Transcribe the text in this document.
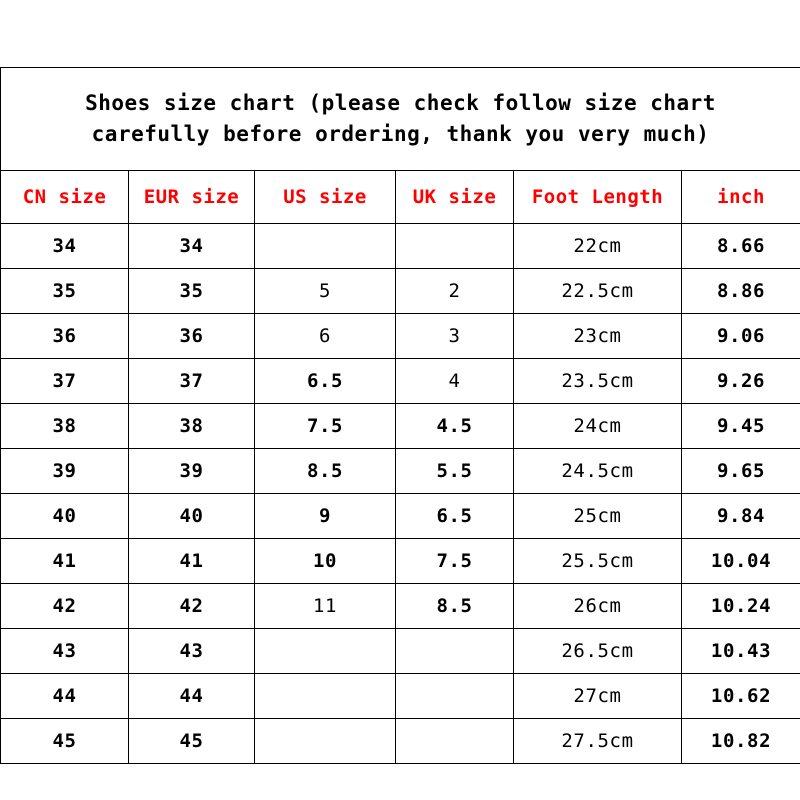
Shoes size chart (please check follow size chart carefully before ordering, thank you very much)					
CN size	EUR size	US size	UK size	Foot Length	inch
34	34			22cm	8.66
35	35	5	2	22.5cm	8.86
36	36	6	3	23cm	9.06
37	37	6.5	4	23.5cm	9.26
38	38	7.5	4.5	24cm	9.45
39	39	8.5	5.5	24.5cm	9.65
40	40	9	6.5	25cm	9.84
41	41	10	7.5	25.5cm	10.04
42	42	11	8.5	26cm	10.24
43	43			26.5cm	10.43
44	44			27cm	10.62
45	45			27.5cm	10.82
